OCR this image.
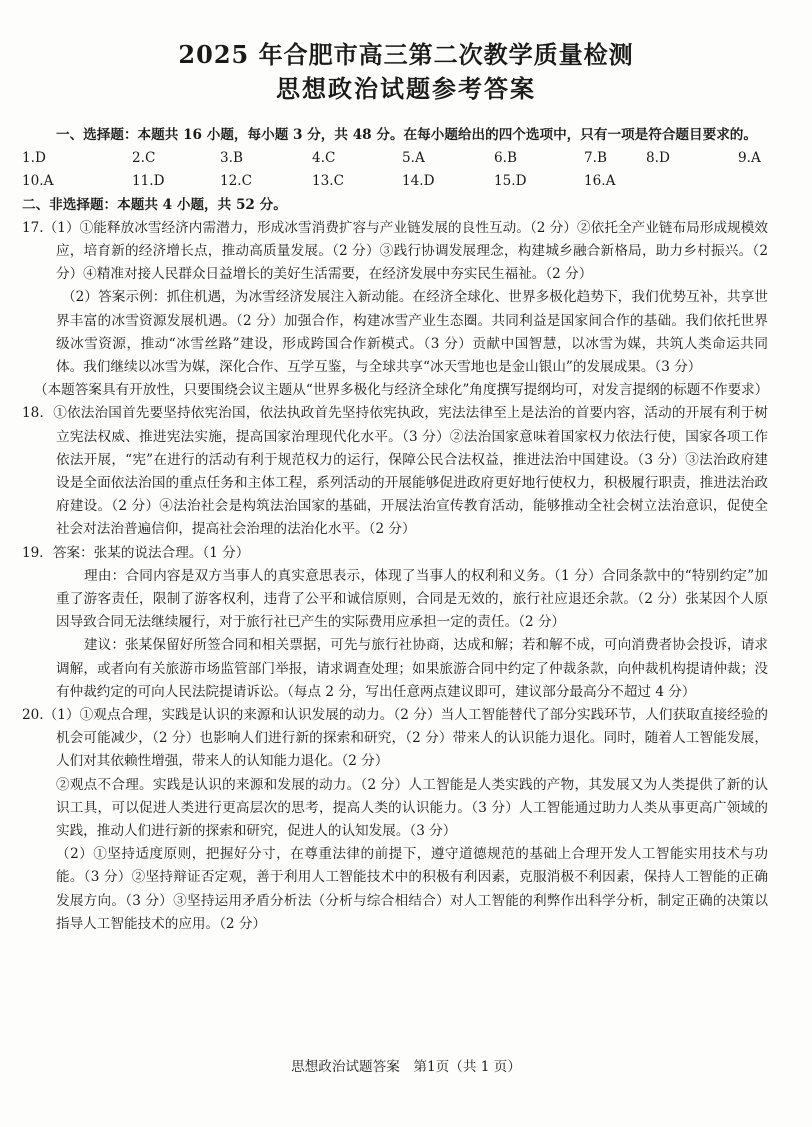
2025 年合肥市高三第二次教学质量检测
思想政治试题参考答案

一、选择题：本题共 16 小题，每小题 3 分，共 48 分。在每小题给出的四个选项中，只有一项是符合题目要求的。

1.D	2.C	3.B	4.C	5.A	6.B	7.B	8.D	9.A
10.A	11.D	12.C	13.C	14.D	15.D	16.A

二、非选择题：本题共 4 小题，共 52 分。

17.（1）①能释放冰雪经济内需潜力，形成冰雪消费扩容与产业链发展的良性互动。（2 分）②依托全产业链布局形成规模效应，培育新的经济增长点，推动高质量发展。（2 分）③践行协调发展理念，构建城乡融合新格局，助力乡村振兴。（2 分）④精准对接人民群众日益增长的美好生活需要，在经济发展中夯实民生福祉。（2 分）

（2）答案示例：抓住机遇，为冰雪经济发展注入新动能。在经济全球化、世界多极化趋势下，我们优势互补，共享世界丰富的冰雪资源发展机遇。（2 分）加强合作，构建冰雪产业生态圈。共同利益是国家间合作的基础。我们依托世界级冰雪资源，推动“冰雪丝路”建设，形成跨国合作新模式。（3 分）贡献中国智慧，以冰雪为媒，共筑人类命运共同体。我们继续以冰雪为媒，深化合作、互学互鉴，与全球共享“冰天雪地也是金山银山”的发展成果。（3 分）

（本题答案具有开放性，只要围绕会议主题从“世界多极化与经济全球化”角度撰写提纲均可，对发言提纲的标题不作要求）

18．①依法治国首先要坚持依宪治国，依法执政首先坚持依宪执政，宪法法律至上是法治的首要内容，活动的开展有利于树立宪法权威、推进宪法实施，提高国家治理现代化水平。（3 分）②法治国家意味着国家权力依法行使，国家各项工作依法开展，“宪”在进行的活动有利于规范权力的运行，保障公民合法权益，推进法治中国建设。（3 分）③法治政府建设是全面依法治国的重点任务和主体工程，系列活动的开展能够促进政府更好地行使权力，积极履行职责，推进法治政府建设。（2 分）④法治社会是构筑法治国家的基础，开展法治宣传教育活动，能够推动全社会树立法治意识，促使全社会对法治普遍信仰，提高社会治理的法治化水平。（2 分）

19．答案：张某的说法合理。（1 分）

理由：合同内容是双方当事人的真实意思表示，体现了当事人的权利和义务。（1 分）合同条款中的“特别约定”加重了游客责任，限制了游客权利，违背了公平和诚信原则，合同是无效的，旅行社应退还余款。（2 分）张某因个人原因导致合同无法继续履行，对于旅行社已产生的实际费用应承担一定的责任。（2 分）

建议：张某保留好所签合同和相关票据，可先与旅行社协商，达成和解；若和解不成，可向消费者协会投诉，请求调解，或者向有关旅游市场监管部门举报，请求调查处理；如果旅游合同中约定了仲裁条款，向仲裁机构提请仲裁；没有仲裁约定的可向人民法院提请诉讼。（每点 2 分，写出任意两点建议即可，建议部分最高分不超过 4 分）

20.（1）①观点合理，实践是认识的来源和认识发展的动力。（2 分）当人工智能替代了部分实践环节，人们获取直接经验的机会可能减少，（2 分）也影响人们进行新的探索和研究，（2 分）带来人的认识能力退化。同时，随着人工智能发展，人们对其依赖性增强，带来人的认知能力退化。（2 分）

②观点不合理。实践是认识的来源和发展的动力。（2 分）人工智能是人类实践的产物，其发展又为人类提供了新的认识工具，可以促进人类进行更高层次的思考，提高人类的认识能力。（3 分）人工智能通过助力人类从事更高广领域的实践，推动人们进行新的探索和研究，促进人的认知发展。（3 分）

（2）①坚持适度原则，把握好分寸，在尊重法律的前提下，遵守道德规范的基础上合理开发人工智能实用技术与功能。（3 分）②坚持辩证否定观，善于利用人工智能技术中的积极有利因素，克服消极不利因素，保持人工智能的正确发展方向。（3 分）③坚持运用矛盾分析法（分析与综合相结合）对人工智能的利弊作出科学分析，制定正确的决策以指导人工智能技术的应用。（2 分）

思想政治试题答案　第1页（共 1 页）
